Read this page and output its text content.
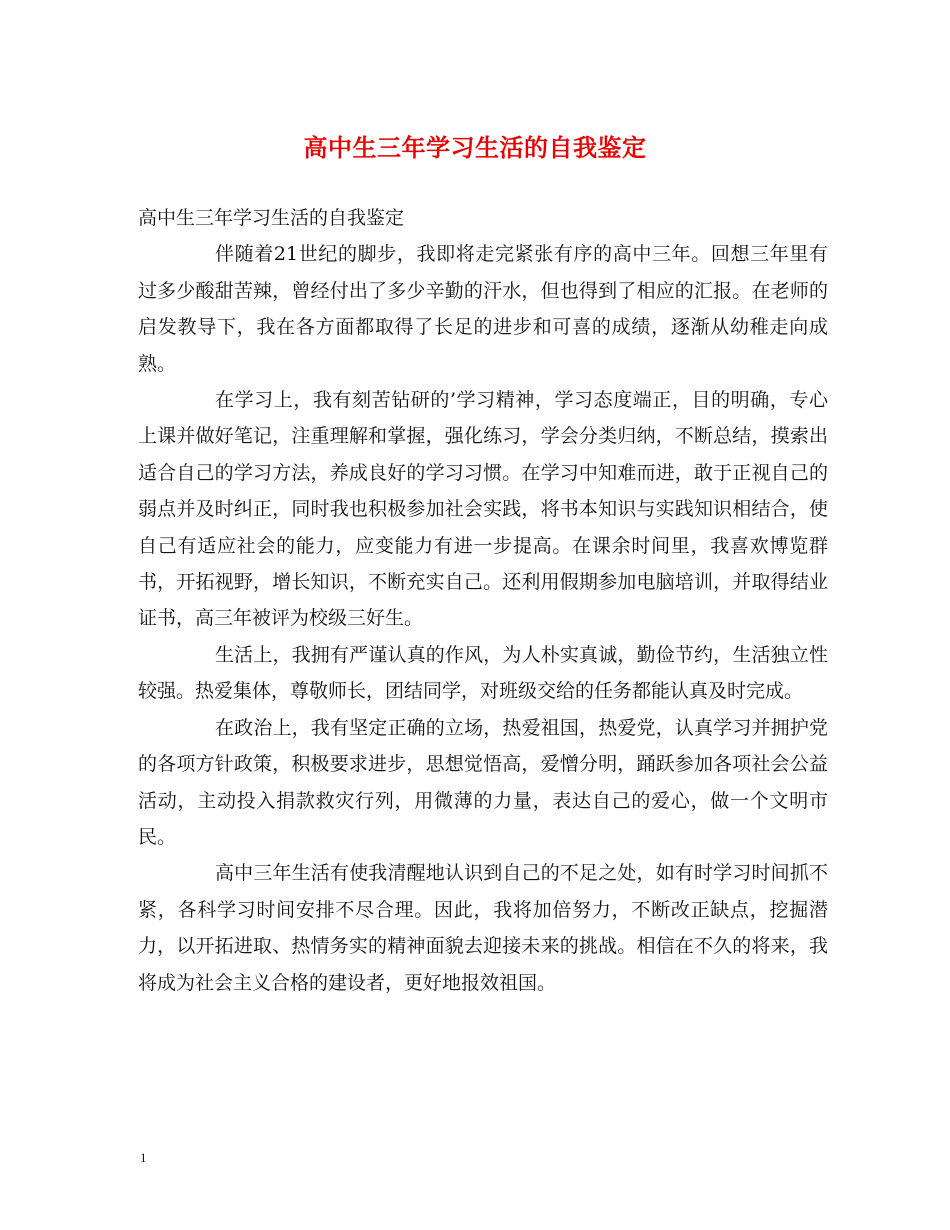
高中生三年学习生活的自我鉴定

高中生三年学习生活的自我鉴定

伴随着21世纪的脚步，我即将走完紧张有序的高中三年。回想三年里有过多少酸甜苦辣，曾经付出了多少辛勤的汗水，但也得到了相应的汇报。在老师的启发教导下，我在各方面都取得了长足的进步和可喜的成绩，逐渐从幼稚走向成熟。

在学习上，我有刻苦钻研的’学习精神，学习态度端正，目的明确，专心上课并做好笔记，注重理解和掌握，强化练习，学会分类归纳，不断总结，摸索出适合自己的学习方法，养成良好的学习习惯。在学习中知难而进，敢于正视自己的弱点并及时纠正，同时我也积极参加社会实践，将书本知识与实践知识相结合，使自己有适应社会的能力，应变能力有进一步提高。在课余时间里，我喜欢博览群书，开拓视野，增长知识，不断充实自己。还利用假期参加电脑培训，并取得结业证书，高三年被评为校级三好生。

生活上，我拥有严谨认真的作风，为人朴实真诚，勤俭节约，生活独立性较强。热爱集体，尊敬师长，团结同学，对班级交给的任务都能认真及时完成。

在政治上，我有坚定正确的立场，热爱祖国，热爱党，认真学习并拥护党的各项方针政策，积极要求进步，思想觉悟高，爱憎分明，踊跃参加各项社会公益活动，主动投入捐款救灾行列，用微薄的力量，表达自己的爱心，做一个文明市民。

高中三年生活有使我清醒地认识到自己的不足之处，如有时学习时间抓不紧，各科学习时间安排不尽合理。因此，我将加倍努力，不断改正缺点，挖掘潜力，以开拓进取、热情务实的精神面貌去迎接未来的挑战。相信在不久的将来，我将成为社会主义合格的建设者，更好地报效祖国。

1
